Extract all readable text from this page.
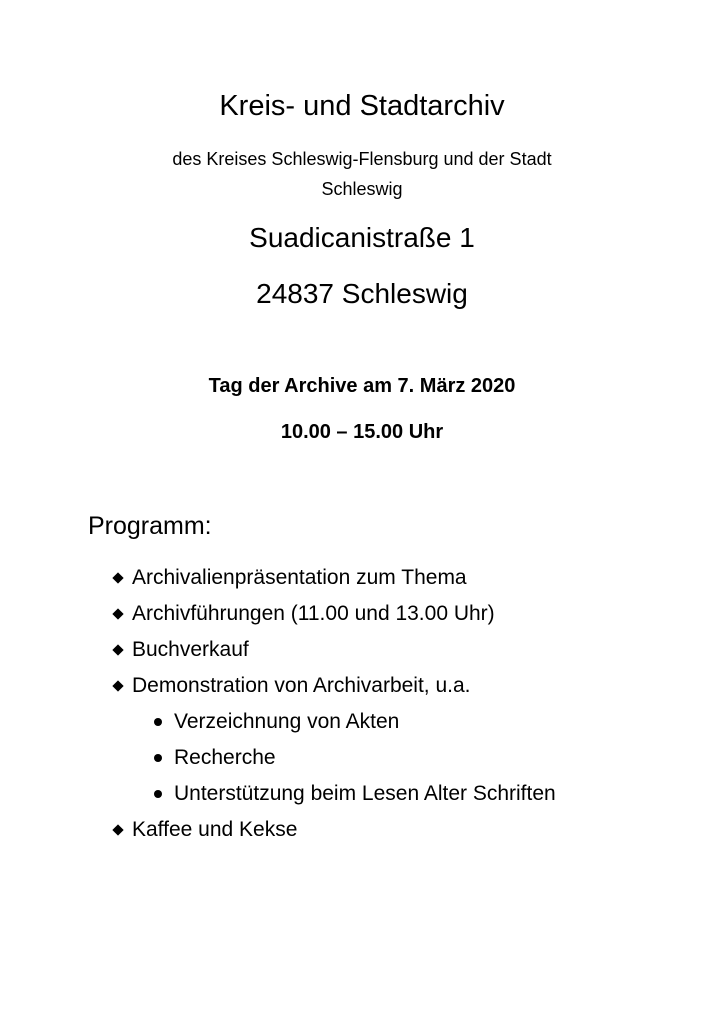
Kreis- und Stadtarchiv
des Kreises Schleswig-Flensburg und der Stadt Schleswig
Suadicanistraße 1
24837 Schleswig
Tag der Archive am 7. März 2020
10.00 – 15.00 Uhr
Programm:
Archivalienpräsentation zum Thema
Archivführungen (11.00 und 13.00 Uhr)
Buchverkauf
Demonstration von Archivarbeit, u.a.
Verzeichnung von Akten
Recherche
Unterstützung beim Lesen Alter Schriften
Kaffee und Kekse
